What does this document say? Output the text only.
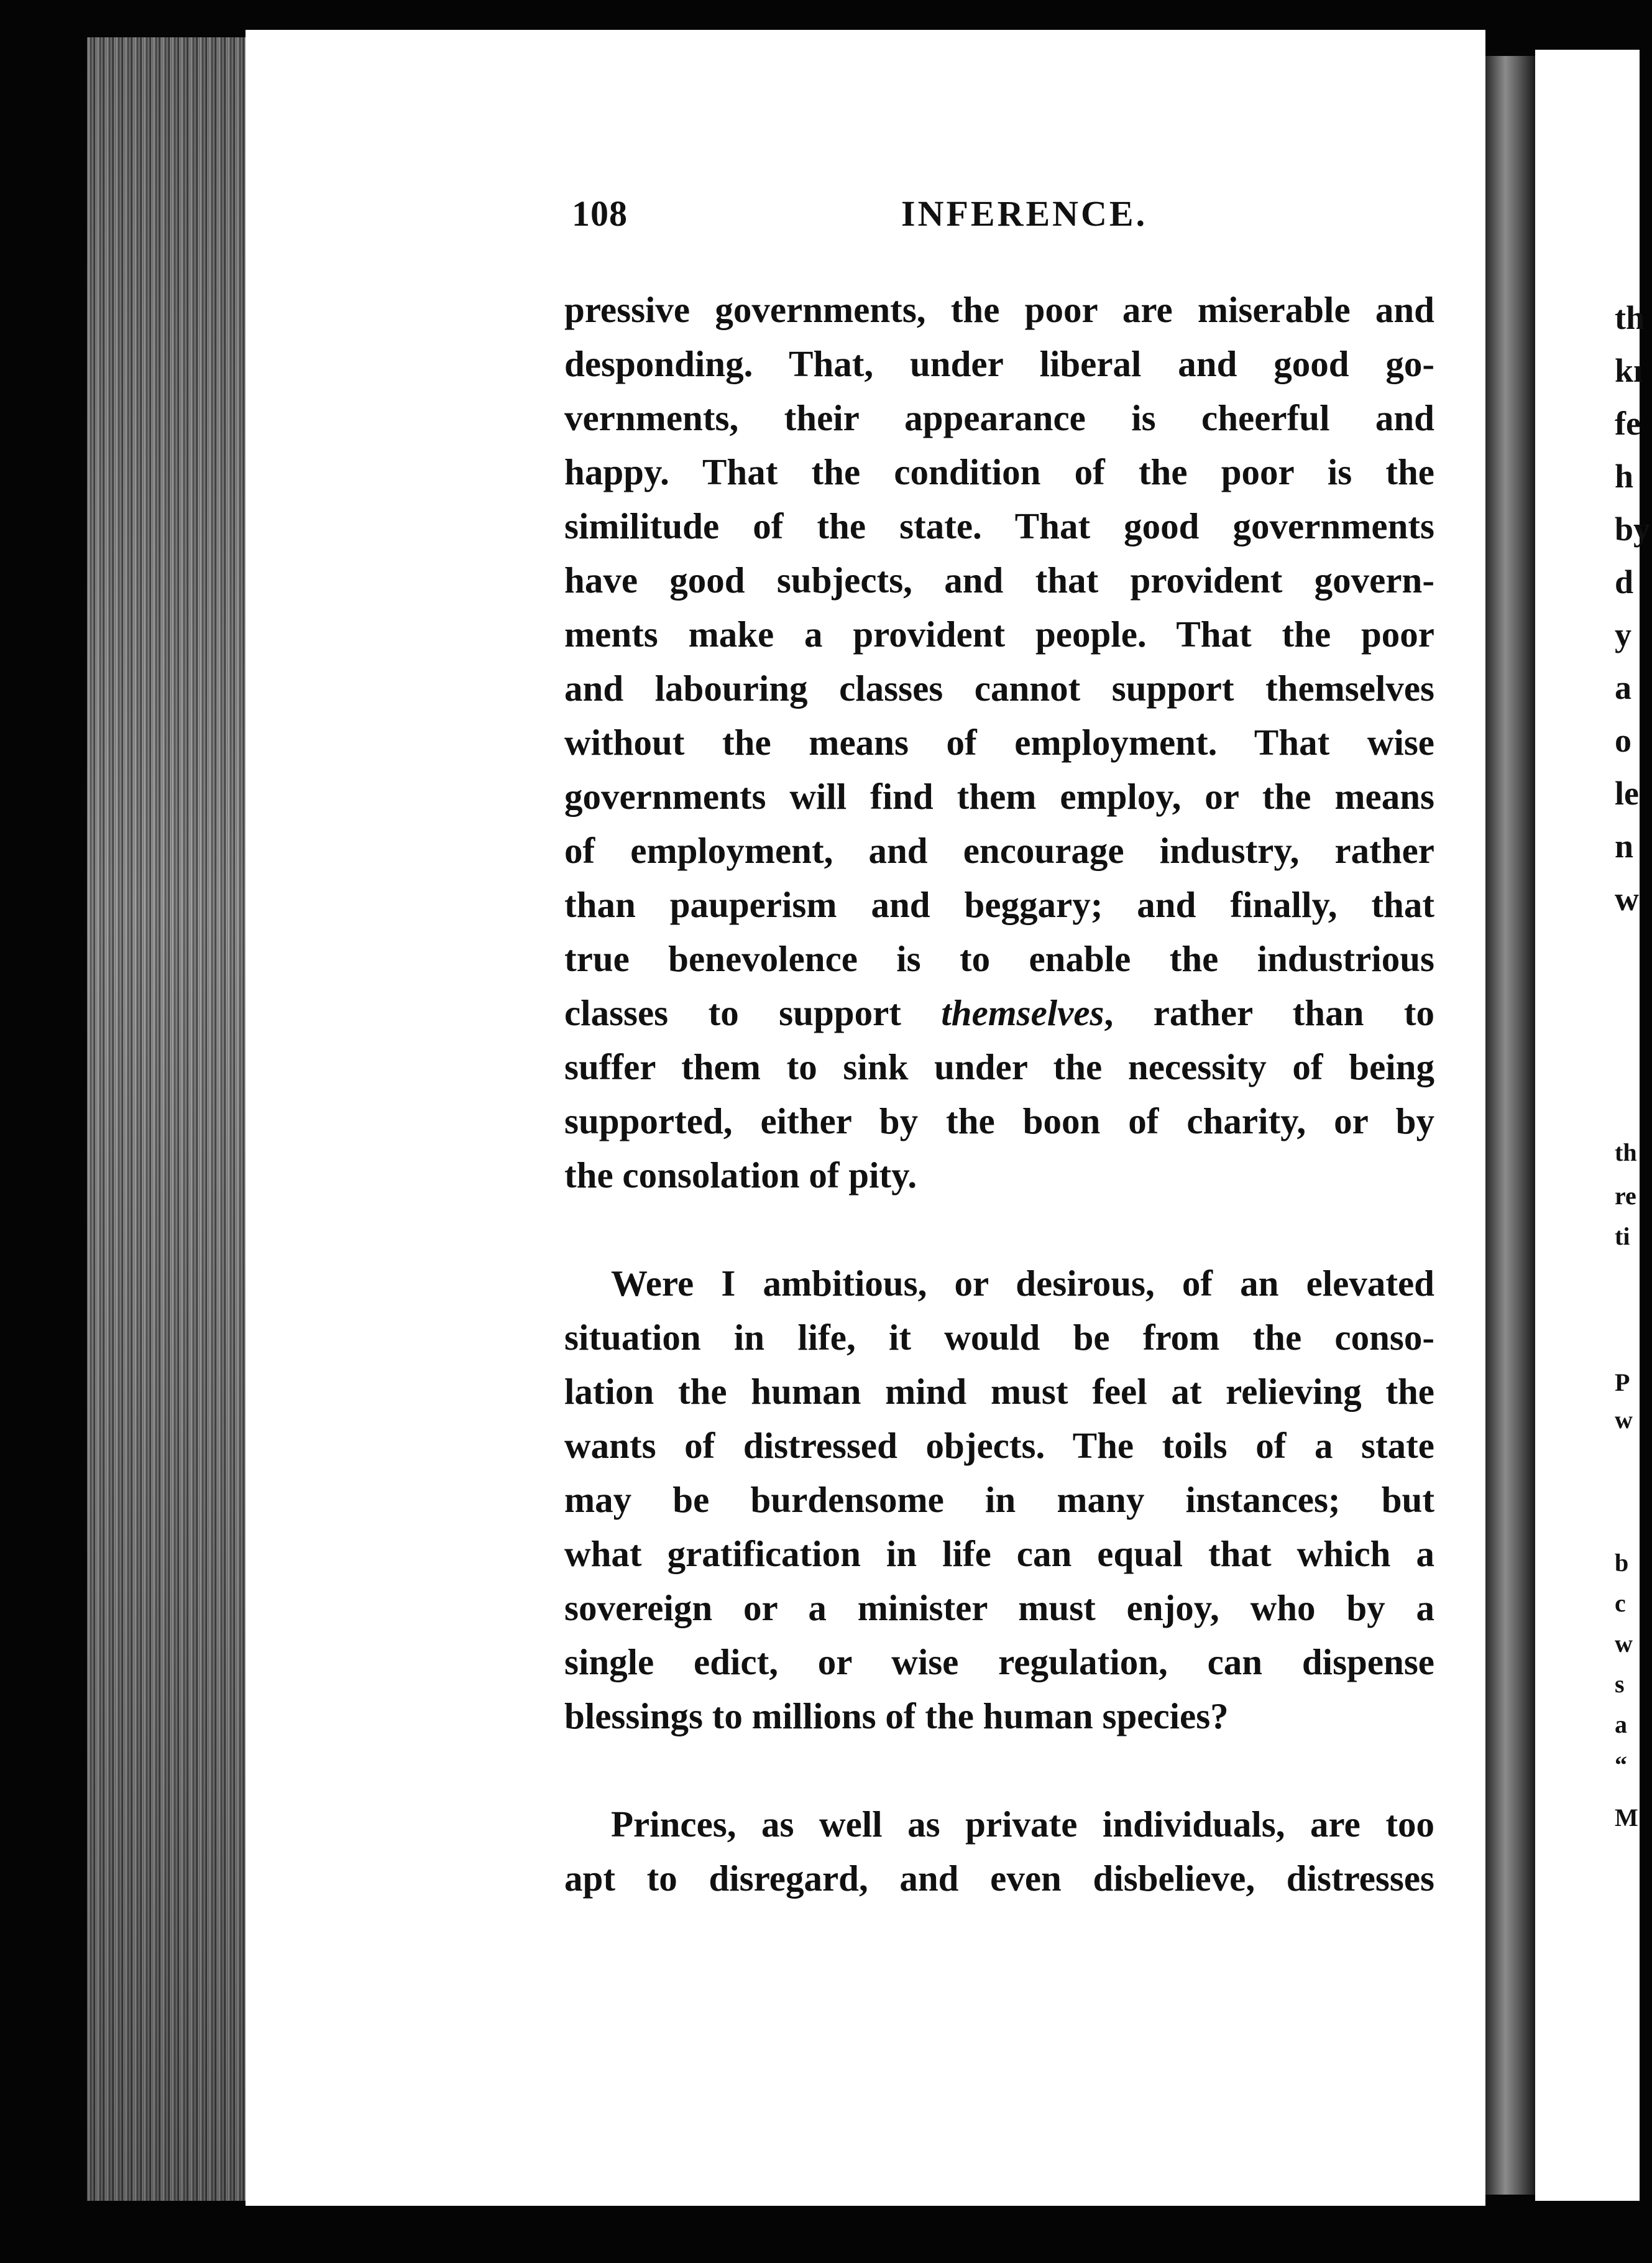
th
kı
fe
h
by
d
y
a
o
le
n
w
th
re
ti
P
w
b
c
w
s
a
“
M
108	INFERENCE.
pressive governments, the poor are miserable and
desponding. That, under liberal and good go-
vernments, their appearance is cheerful and
happy. That the condition of the poor is the
similitude of the state. That good governments
have good subjects, and that provident govern-
ments make a provident people. That the poor
and labouring classes cannot support themselves
without the means of employment. That wise
governments will find them employ, or the means
of employment, and encourage industry, rather
than pauperism and beggary; and finally, that
true benevolence is to enable the industrious
classes to support themselves, rather than to
suffer them to sink under the necessity of being
supported, either by the boon of charity, or by
the consolation of pity.
Were I ambitious, or desirous, of an elevated
situation in life, it would be from the conso-
lation the human mind must feel at relieving the
wants of distressed objects. The toils of a state
may be burdensome in many instances; but
what gratification in life can equal that which a
sovereign or a minister must enjoy, who by a
single edict, or wise regulation, can dispense
blessings to millions of the human species?
Princes, as well as private individuals, are too
apt to disregard, and even disbelieve, distresses
